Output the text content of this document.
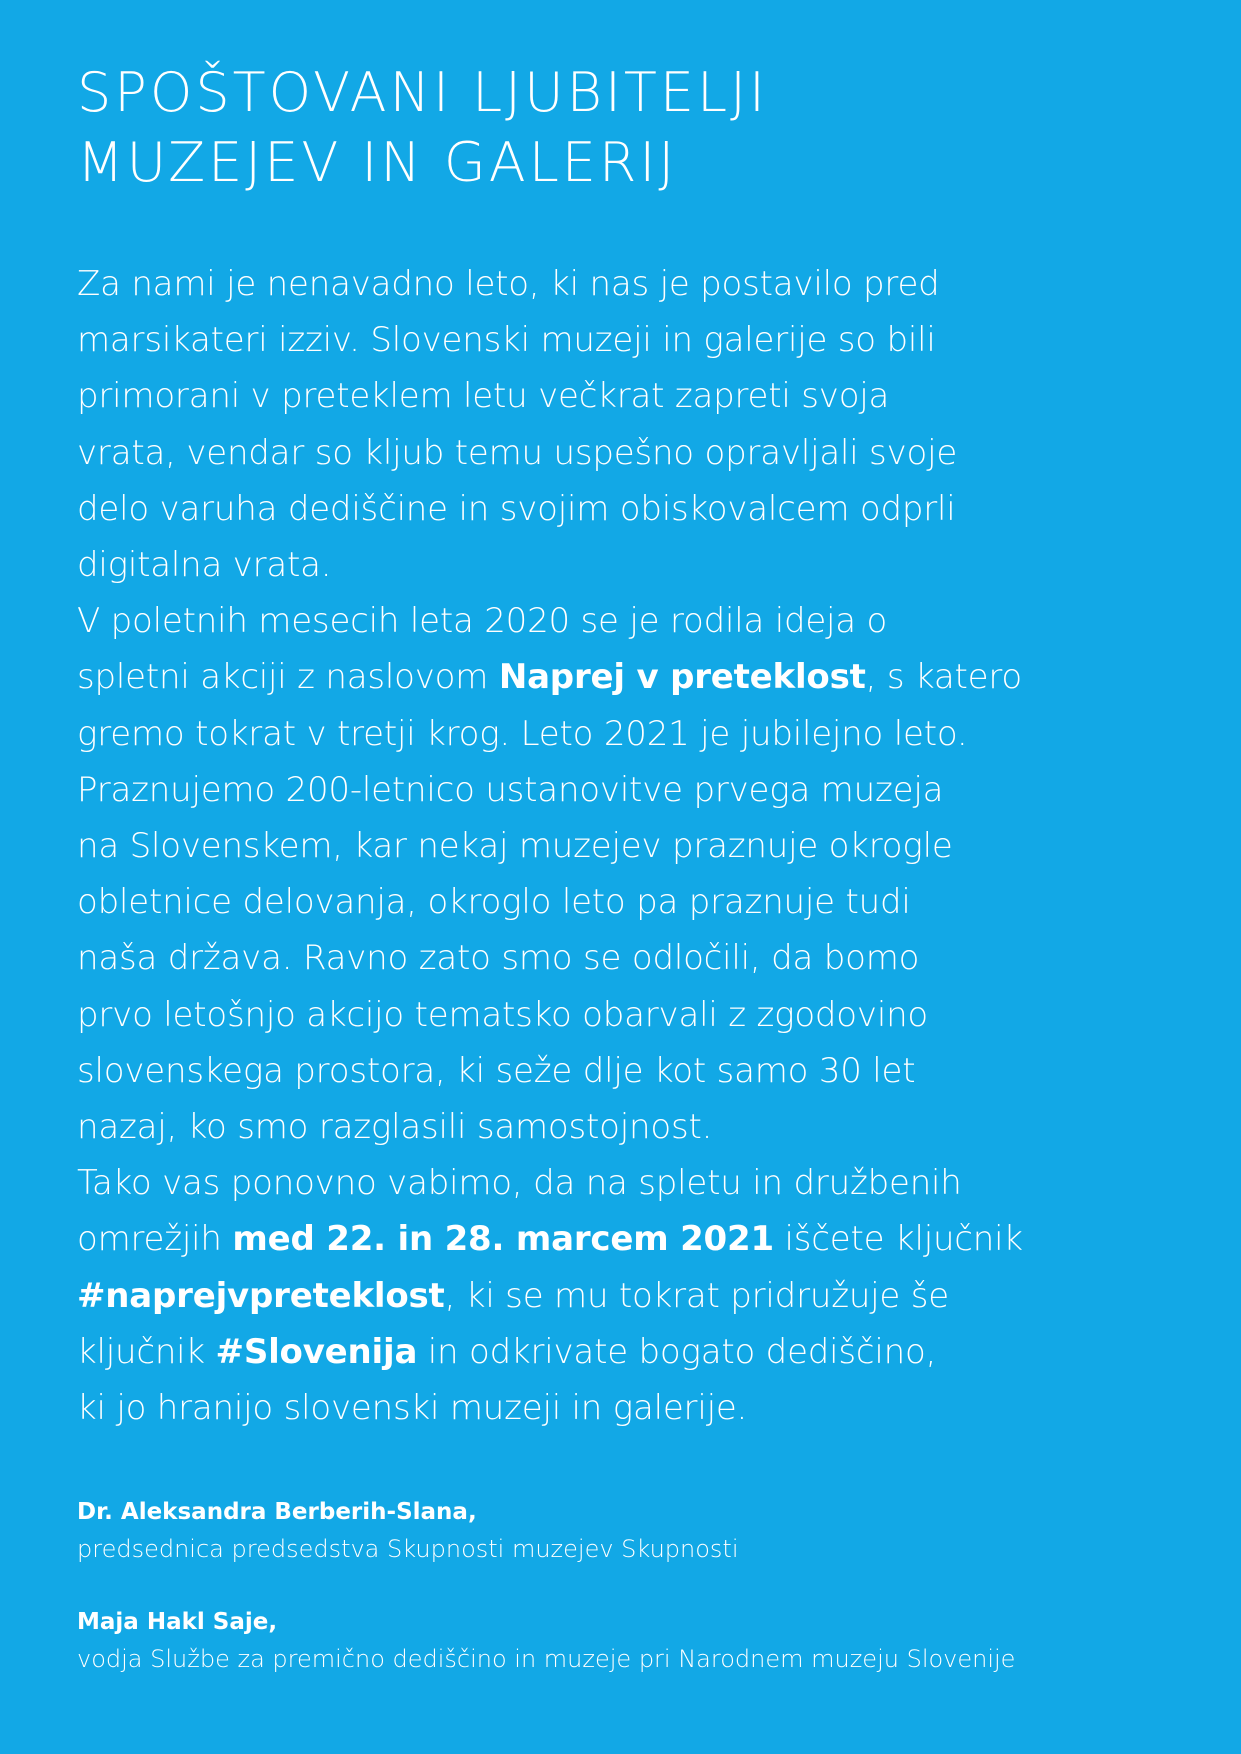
SPOŠTOVANI LJUBITELJI
MUZEJEV IN GALERIJ
Za nami je nenavadno leto, ki nas je postavilo pred
marsikateri izziv. Slovenski muzeji in galerije so bili
primorani v preteklem letu večkrat zapreti svoja
vrata, vendar so kljub temu uspešno opravljali svoje
delo varuha dediščine in svojim obiskovalcem odprli
digitalna vrata.
V poletnih mesecih leta 2020 se je rodila ideja o
spletni akciji z naslovom Naprej v preteklost, s katero
gremo tokrat v tretji krog. Leto 2021 je jubilejno leto.
Praznujemo 200-letnico ustanovitve prvega muzeja
na Slovenskem, kar nekaj muzejev praznuje okrogle
obletnice delovanja, okroglo leto pa praznuje tudi
naša država. Ravno zato smo se odločili, da bomo
prvo letošnjo akcijo tematsko obarvali z zgodovino
slovenskega prostora, ki seže dlje kot samo 30 let
nazaj, ko smo razglasili samostojnost.
Tako vas ponovno vabimo, da na spletu in družbenih
omrežjih med 22. in 28. marcem 2021 iščete ključnik
#naprejvpreteklost, ki se mu tokrat pridružuje še
ključnik #Slovenija in odkrivate bogato dediščino,
ki jo hranijo slovenski muzeji in galerije.
Dr. Aleksandra Berberih-Slana,
predsednica predsedstva Skupnosti muzejev Skupnosti
Maja Hakl Saje,
vodja Službe za premično dediščino in muzeje pri Narodnem muzeju Slovenije
